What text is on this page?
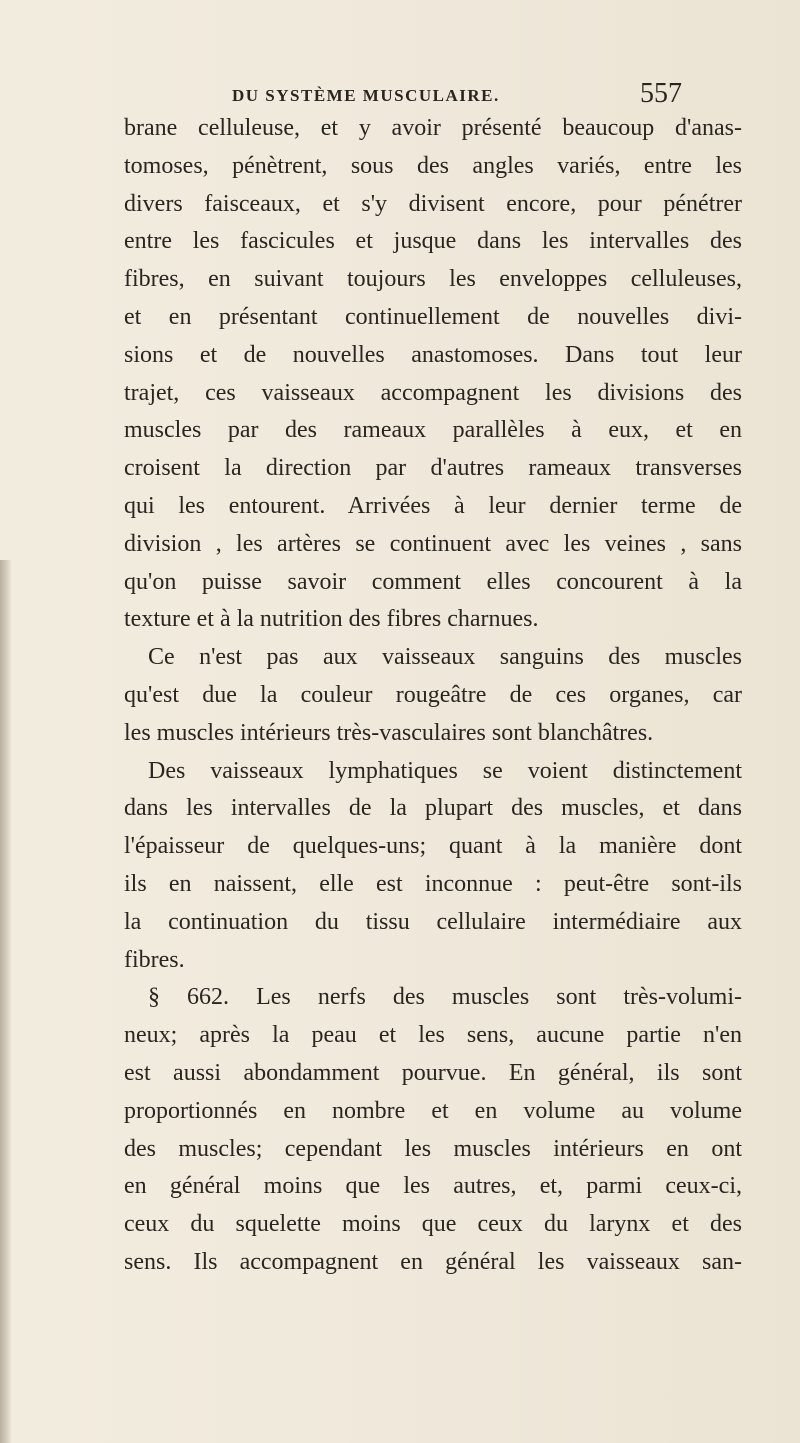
DU SYSTÈME MUSCULAIRE.	557
brane celluleuse, et y avoir présenté beaucoup d'anas-
tomoses, pénètrent, sous des angles variés, entre les
divers faisceaux, et s'y divisent encore, pour pénétrer
entre les fascicules et jusque dans les intervalles des
fibres, en suivant toujours les enveloppes celluleuses,
et en présentant continuellement de nouvelles divi-
sions et de nouvelles anastomoses. Dans tout leur
trajet, ces vaisseaux accompagnent les divisions des
muscles par des rameaux parallèles à eux, et en
croisent la direction par d'autres rameaux transverses
qui les entourent. Arrivées à leur dernier terme de
division , les artères se continuent avec les veines , sans
qu'on puisse savoir comment elles concourent à la
texture et à la nutrition des fibres charnues.
Ce n'est pas aux vaisseaux sanguins des muscles
qu'est due la couleur rougeâtre de ces organes, car
les muscles intérieurs très-vasculaires sont blanchâtres.
Des vaisseaux lymphatiques se voient distinctement
dans les intervalles de la plupart des muscles, et dans
l'épaisseur de quelques-uns; quant à la manière dont
ils en naissent, elle est inconnue : peut-être sont-ils
la continuation du tissu cellulaire intermédiaire aux
fibres.
§ 662. Les nerfs des muscles sont très-volumi-
neux; après la peau et les sens, aucune partie n'en
est aussi abondamment pourvue. En général, ils sont
proportionnés en nombre et en volume au volume
des muscles; cependant les muscles intérieurs en ont
en général moins que les autres, et, parmi ceux-ci,
ceux du squelette moins que ceux du larynx et des
sens. Ils accompagnent en général les vaisseaux san-
